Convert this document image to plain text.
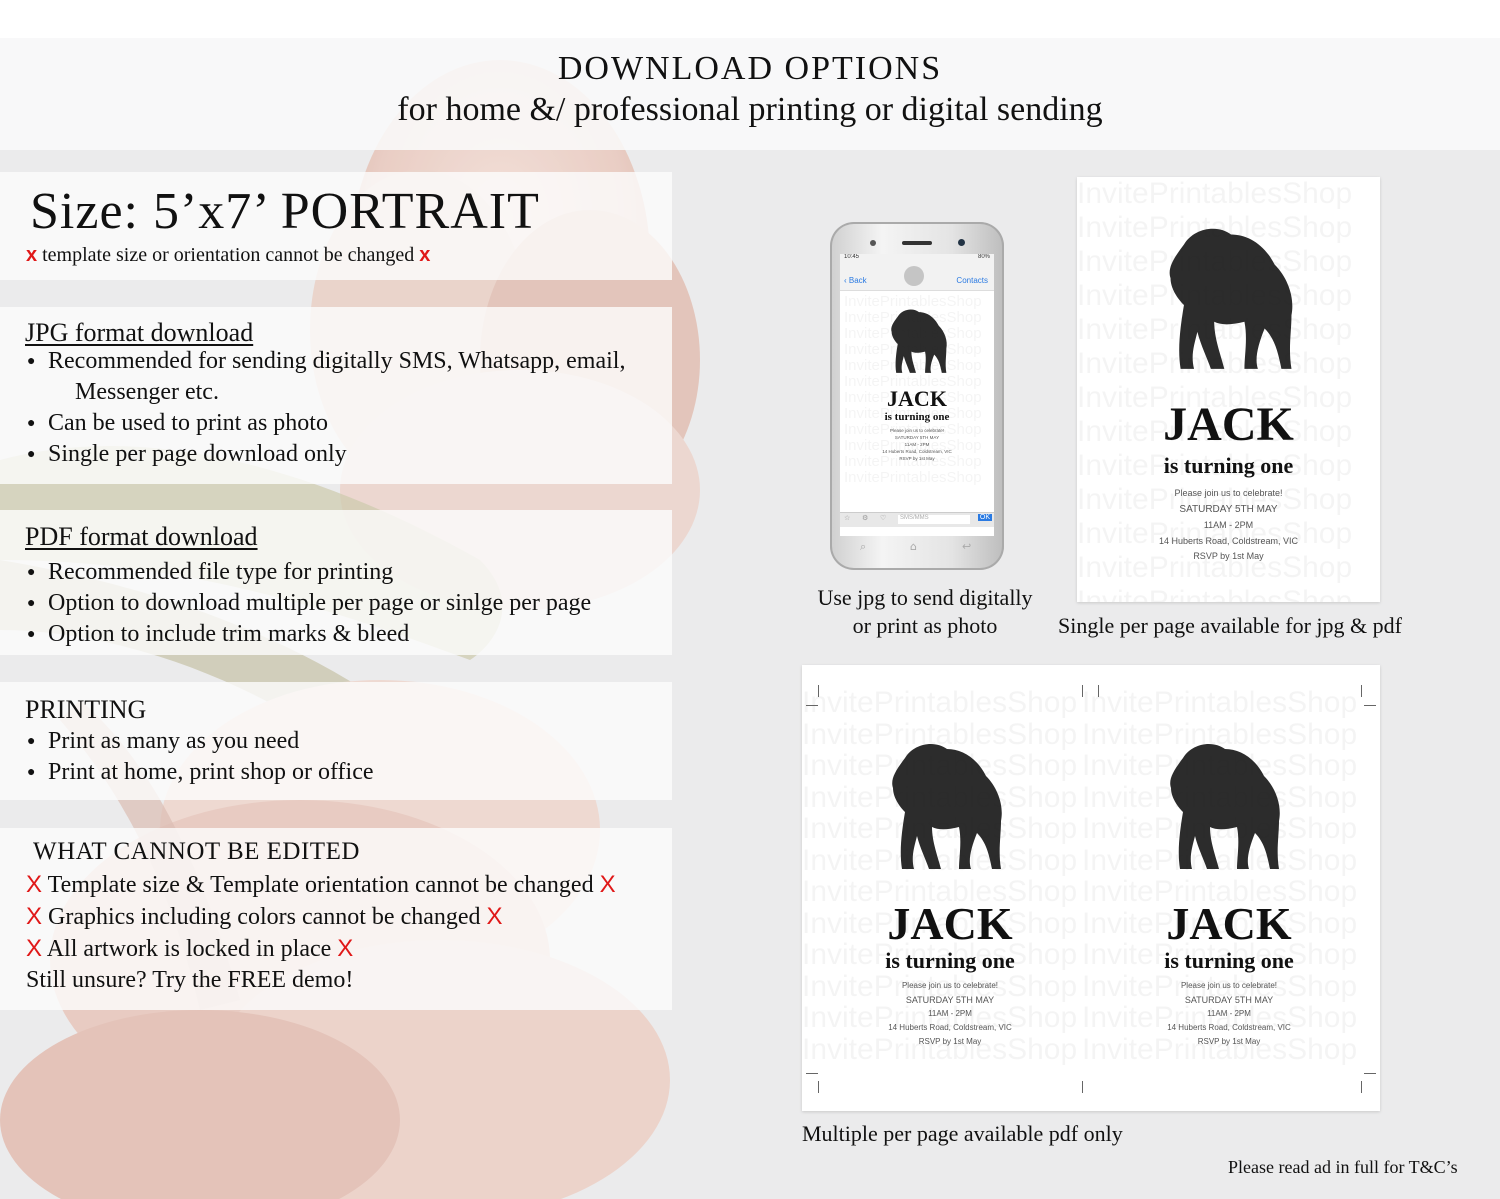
DOWNLOAD OPTIONS
for home &/ professional printing or digital sending
Size: 5’x7’ PORTRAIT
x template size or orientation cannot be changed x
JPG format download
● Recommended for sending digitally SMS, Whatsapp, email,
Messenger etc.
● Can be used to print as photo
● Single per page download only
PDF format download
● Recommended file type for printing
● Option to download multiple per page or sinlge per page
● Option to include trim marks & bleed
PRINTING
● Print as many as you need
● Print at home, print shop or office
WHAT CANNOT BE EDITED
X Template size & Template orientation cannot be changed X
X Graphics including colors cannot be changed X
X All artwork is locked in place X
Still unsure? Try the FREE demo!
10:45	80%
‹ Back	Contacts
JACK
is turning one
Please join us to celebrate!
SATURDAY 5TH MAY
11AM - 2PM
14 Huberts Road, Coldstream, VIC
RSVP by 1st May
☆ ⚙ ♡	SMS/MMS	OK
⌕	⌂	↩
Use jpg to send digitally
or print as photo
JACK
is turning one
Please join us to celebrate!
SATURDAY 5TH MAY
11AM - 2PM
14 Huberts Road, Coldstream, VIC
RSVP by 1st May
Single per page available for jpg & pdf
JACK
is turning one
Please join us to celebrate!
SATURDAY 5TH MAY
11AM - 2PM
14 Huberts Road, Coldstream, VIC
RSVP by 1st May
JACK
is turning one
Please join us to celebrate!
SATURDAY 5TH MAY
11AM - 2PM
14 Huberts Road, Coldstream, VIC
RSVP by 1st May
Multiple per page available pdf only
Please read ad in full for T&C’s
